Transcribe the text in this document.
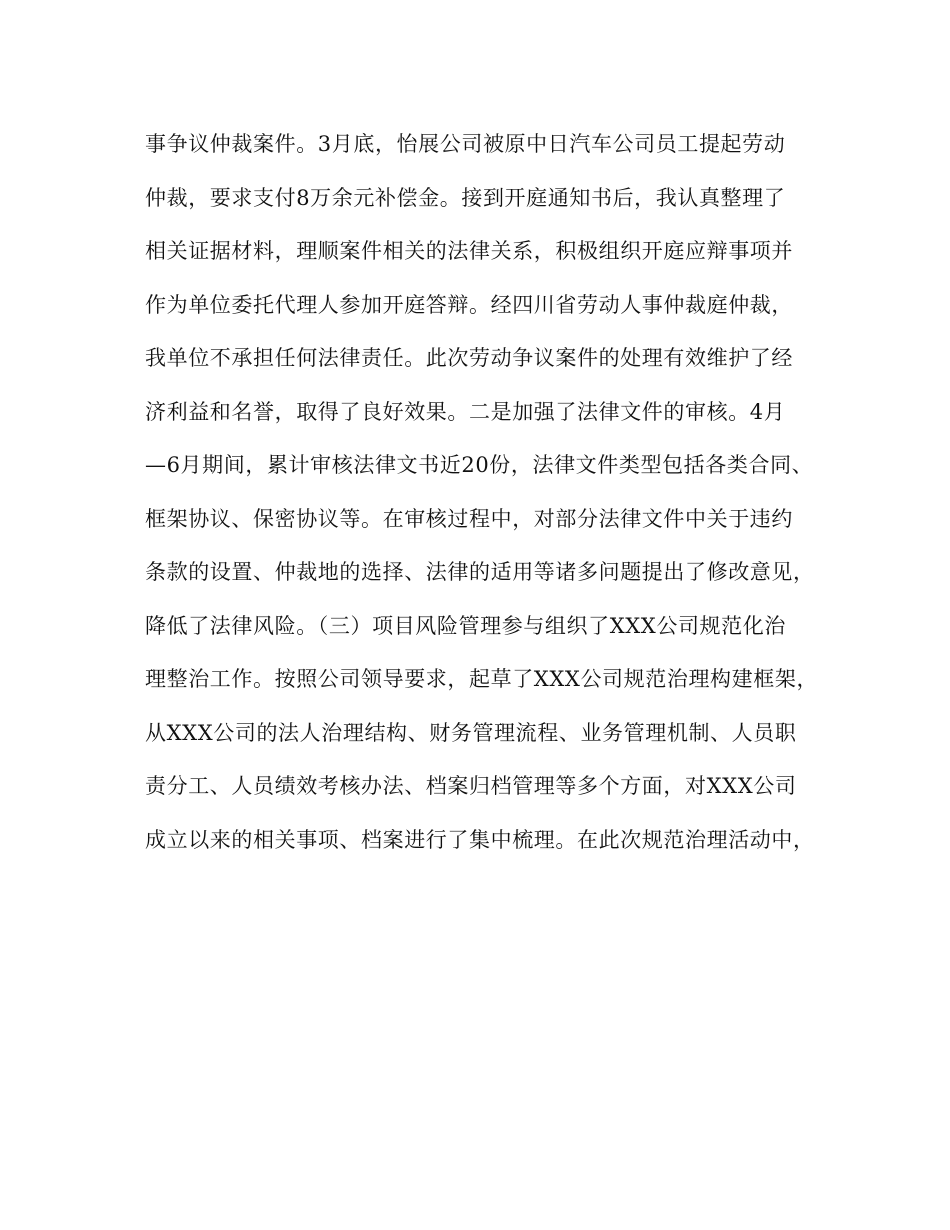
事争议仲裁案件。3月底，怡展公司被原中日汽车公司员工提起劳动
仲裁，要求支付8万余元补偿金。接到开庭通知书后，我认真整理了
相关证据材料，理顺案件相关的法律关系，积极组织开庭应辩事项并
作为单位委托代理人参加开庭答辩。经四川省劳动人事仲裁庭仲裁，
我单位不承担任何法律责任。此次劳动争议案件的处理有效维护了经
济利益和名誉，取得了良好效果。二是加强了法律文件的审核。4月
—6月期间，累计审核法律文书近20份，法律文件类型包括各类合同、
框架协议、保密协议等。在审核过程中，对部分法律文件中关于违约
条款的设置、仲裁地的选择、法律的适用等诸多问题提出了修改意见，
降低了法律风险。（三）项目风险管理参与组织了XXX公司规范化治
理整治工作。按照公司领导要求，起草了XXX公司规范治理构建框架，
从XXX公司的法人治理结构、财务管理流程、业务管理机制、人员职
责分工、人员绩效考核办法、档案归档管理等多个方面，对XXX公司
成立以来的相关事项、档案进行了集中梳理。在此次规范治理活动中，
